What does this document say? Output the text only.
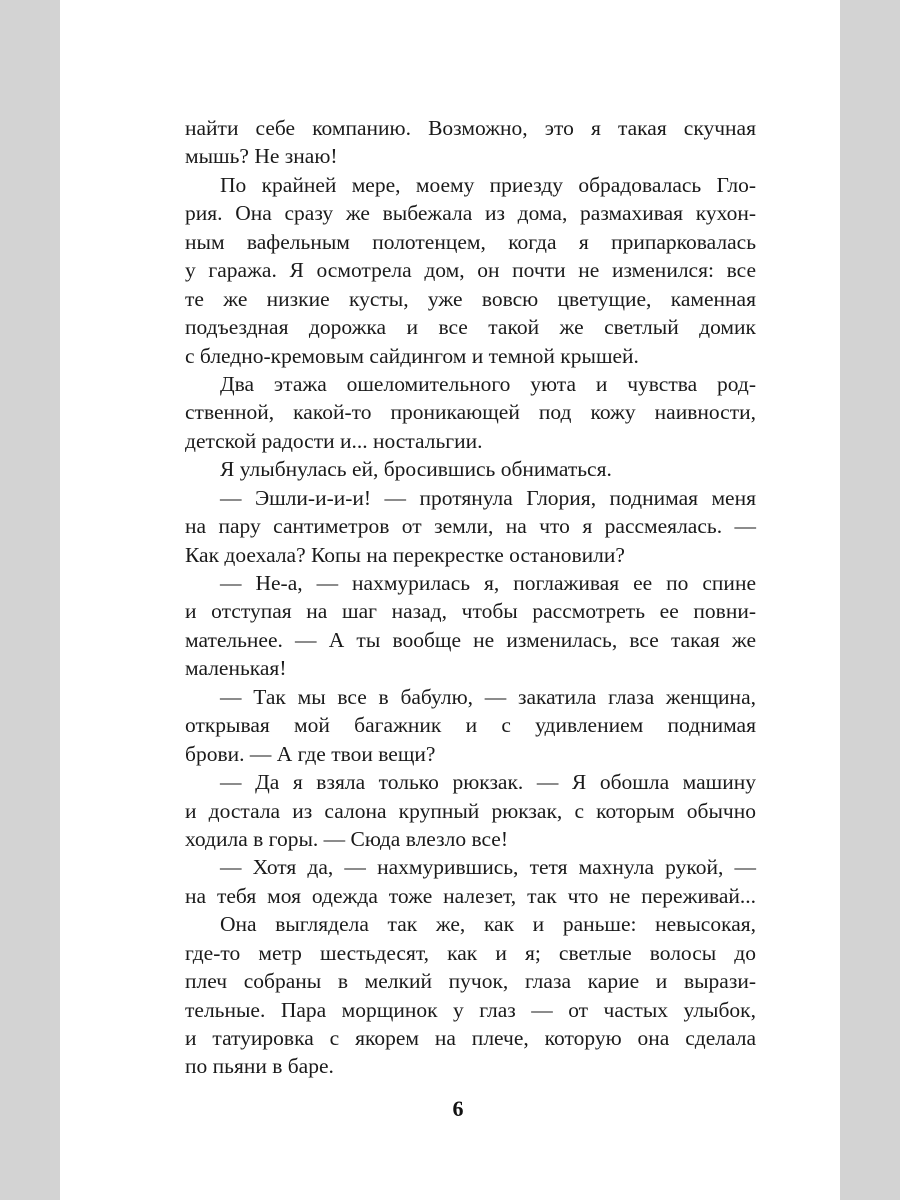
найти себе компанию. Возможно, это я такая скучная
мышь? Не знаю!
По крайней мере, моему приезду обрадовалась Гло-
рия. Она сразу же выбежала из дома, размахивая кухон-
ным вафельным полотенцем, когда я припарковалась
у гаража. Я осмотрела дом, он почти не изменился: все
те же низкие кусты, уже вовсю цветущие, каменная
подъездная дорожка и все такой же светлый домик
с бледно-кремовым сайдингом и темной крышей.
Два этажа ошеломительного уюта и чувства род-
ственной, какой-то проникающей под кожу наивности,
детской радости и... ностальгии.
Я улыбнулась ей, бросившись обниматься.
— Эшли-и-и-и! — протянула Глория, поднимая меня
на пару сантиметров от земли, на что я рассмеялась. —
Как доехала? Копы на перекрестке остановили?
— Не-а, — нахмурилась я, поглаживая ее по спине
и отступая на шаг назад, чтобы рассмотреть ее повни-
мательнее. — А ты вообще не изменилась, все такая же
маленькая!
— Так мы все в бабулю, — закатила глаза женщина,
открывая мой багажник и с удивлением поднимая
брови. — А где твои вещи?
— Да я взяла только рюкзак. — Я обошла машину
и достала из салона крупный рюкзак, с которым обычно
ходила в горы. — Сюда влезло все!
— Хотя да, — нахмурившись, тетя махнула рукой, —
на тебя моя одежда тоже налезет, так что не переживай...
Она выглядела так же, как и раньше: невысокая,
где-то метр шестьдесят, как и я; светлые волосы до
плеч собраны в мелкий пучок, глаза карие и вырази-
тельные. Пара морщинок у глаз — от частых улыбок,
и татуировка с якорем на плече, которую она сделала
по пьяни в баре.
6
